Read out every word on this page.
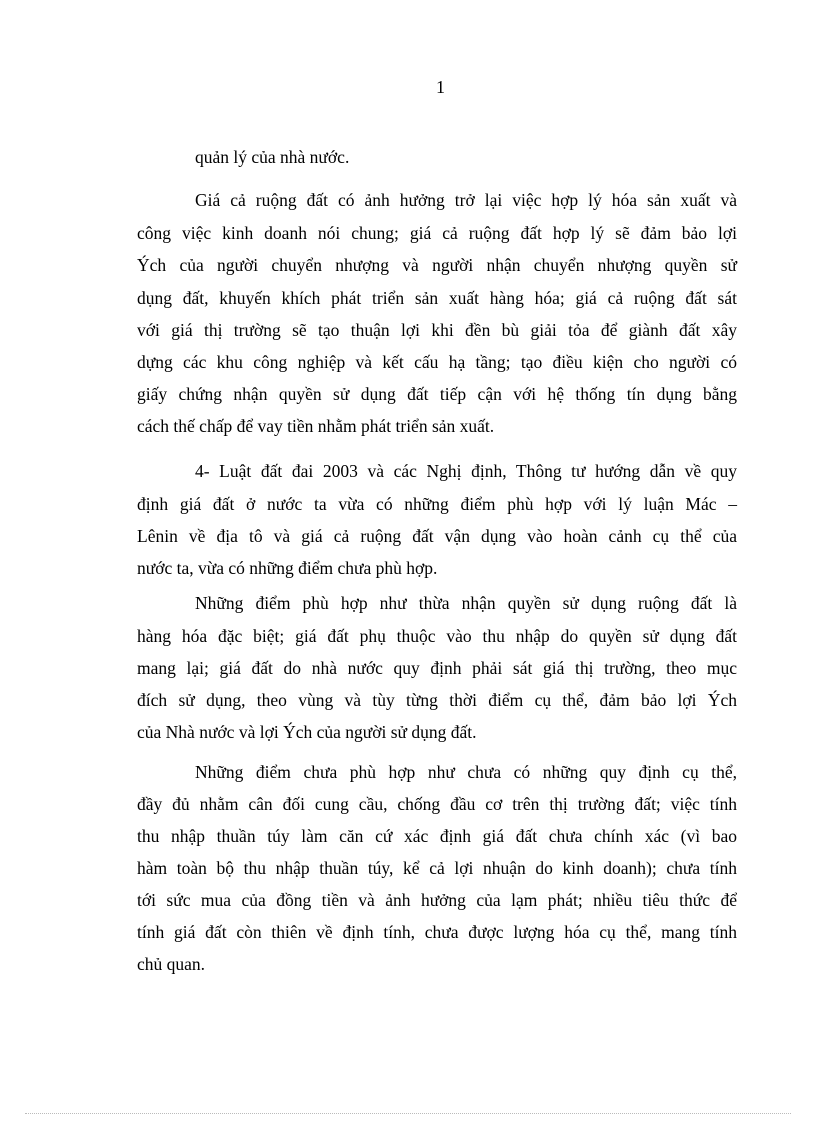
1
quản lý của nhà nước.
Giá cả ruộng đất có ảnh hưởng trở lại việc hợp lý hóa sản xuất và
công việc kinh doanh nói chung; giá cả ruộng đất hợp lý sẽ đảm bảo lợi
Ých của người chuyển nhượng và người nhận chuyển nhượng quyền sử
dụng đất, khuyến khích phát triển sản xuất hàng hóa; giá cả ruộng đất sát
với giá thị trường sẽ tạo thuận lợi khi đền bù giải tỏa để giành đất xây
dựng các khu công nghiệp và kết cấu hạ tầng; tạo điều kiện cho người có
giấy chứng nhận quyền sử dụng đất tiếp cận với hệ thống tín dụng bằng
cách thế chấp để vay tiền nhằm phát triển sản xuất.
4- Luật đất đai 2003 và các Nghị định, Thông tư hướng dẫn về quy
định giá đất ở nước ta vừa có những điểm phù hợp với lý luận Mác –
Lênin về địa tô và giá cả ruộng đất vận dụng vào hoàn cảnh cụ thể của
nước ta, vừa có những điểm chưa phù hợp.
Những điểm phù hợp như thừa nhận quyền sử dụng ruộng đất là
hàng hóa đặc biệt; giá đất phụ thuộc vào thu nhập do quyền sử dụng đất
mang lại; giá đất do nhà nước quy định phải sát giá thị trường, theo mục
đích sử dụng, theo vùng và tùy từng thời điểm cụ thể, đảm bảo lợi Ých
của Nhà nước và lợi Ých của người sử dụng đất.
Những điểm chưa phù hợp như chưa có những quy định cụ thể,
đầy đủ nhằm cân đối cung cầu, chống đầu cơ trên thị trường đất; việc tính
thu nhập thuần túy làm căn cứ xác định giá đất chưa chính xác (vì bao
hàm toàn bộ thu nhập thuần túy, kể cả lợi nhuận do kinh doanh); chưa tính
tới sức mua của đồng tiền và ảnh hưởng của lạm phát; nhiều tiêu thức để
tính giá đất còn thiên về định tính, chưa được lượng hóa cụ thể, mang tính
chủ quan.
